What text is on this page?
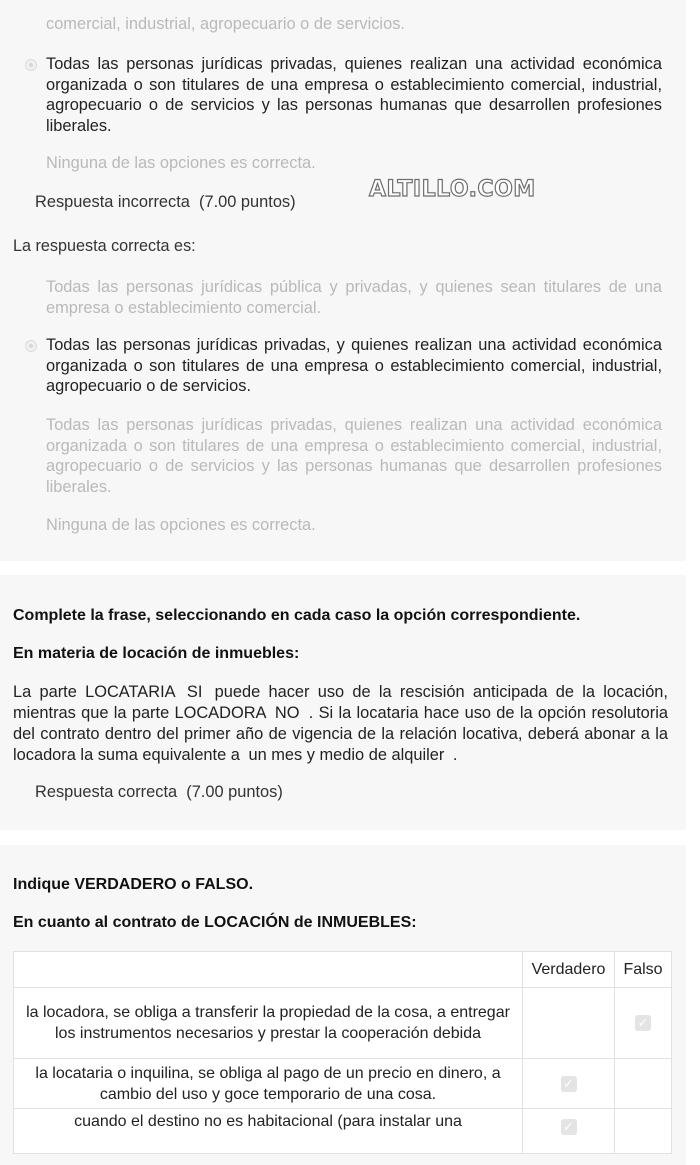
comercial, industrial, agropecuario o de servicios.
Todas las personas jurídicas privadas, quienes realizan una actividad económica organizada o son titulares de una empresa o establecimiento comercial, industrial, agropecuario o de servicios y las personas humanas que desarrollen profesiones liberales.
Ninguna de las opciones es correcta.
Respuesta incorrecta (7.00 puntos)	ALTILLO.COM
La respuesta correcta es:
Todas las personas jurídicas pública y privadas, y quienes sean titulares de una empresa o establecimiento comercial.
Todas las personas jurídicas privadas, y quienes realizan una actividad económica organizada o son titulares de una empresa o establecimiento comercial, industrial, agropecuario o de servicios.
Todas las personas jurídicas privadas, quienes realizan una actividad económica organizada o son titulares de una empresa o establecimiento comercial, industrial, agropecuario o de servicios y las personas humanas que desarrollen profesiones liberales.
Ninguna de las opciones es correcta.
Complete la frase, seleccionando en cada caso la opción correspondiente.
En materia de locación de inmuebles:
La parte LOCATARIA SI puede hacer uso de la rescisión anticipada de la locación, mientras que la parte LOCADORA NO . Si la locataria hace uso de la opción resolutoria del contrato dentro del primer año de vigencia de la relación locativa, deberá abonar a la locadora la suma equivalente a un mes y medio de alquiler .
Respuesta correcta (7.00 puntos)
Indique VERDADERO o FALSO.
En cuanto al contrato de LOCACIÓN de INMUEBLES:
	Verdadero	Falso
la locadora, se obliga a transferir la propiedad de la cosa, a entregar los instrumentos necesarios y prestar la cooperación debida		✓
la locataria o inquilina, se obliga al pago de un precio en dinero, a cambio del uso y goce temporario de una cosa.	✓	
cuando el destino no es habitacional (para instalar una	✓	
